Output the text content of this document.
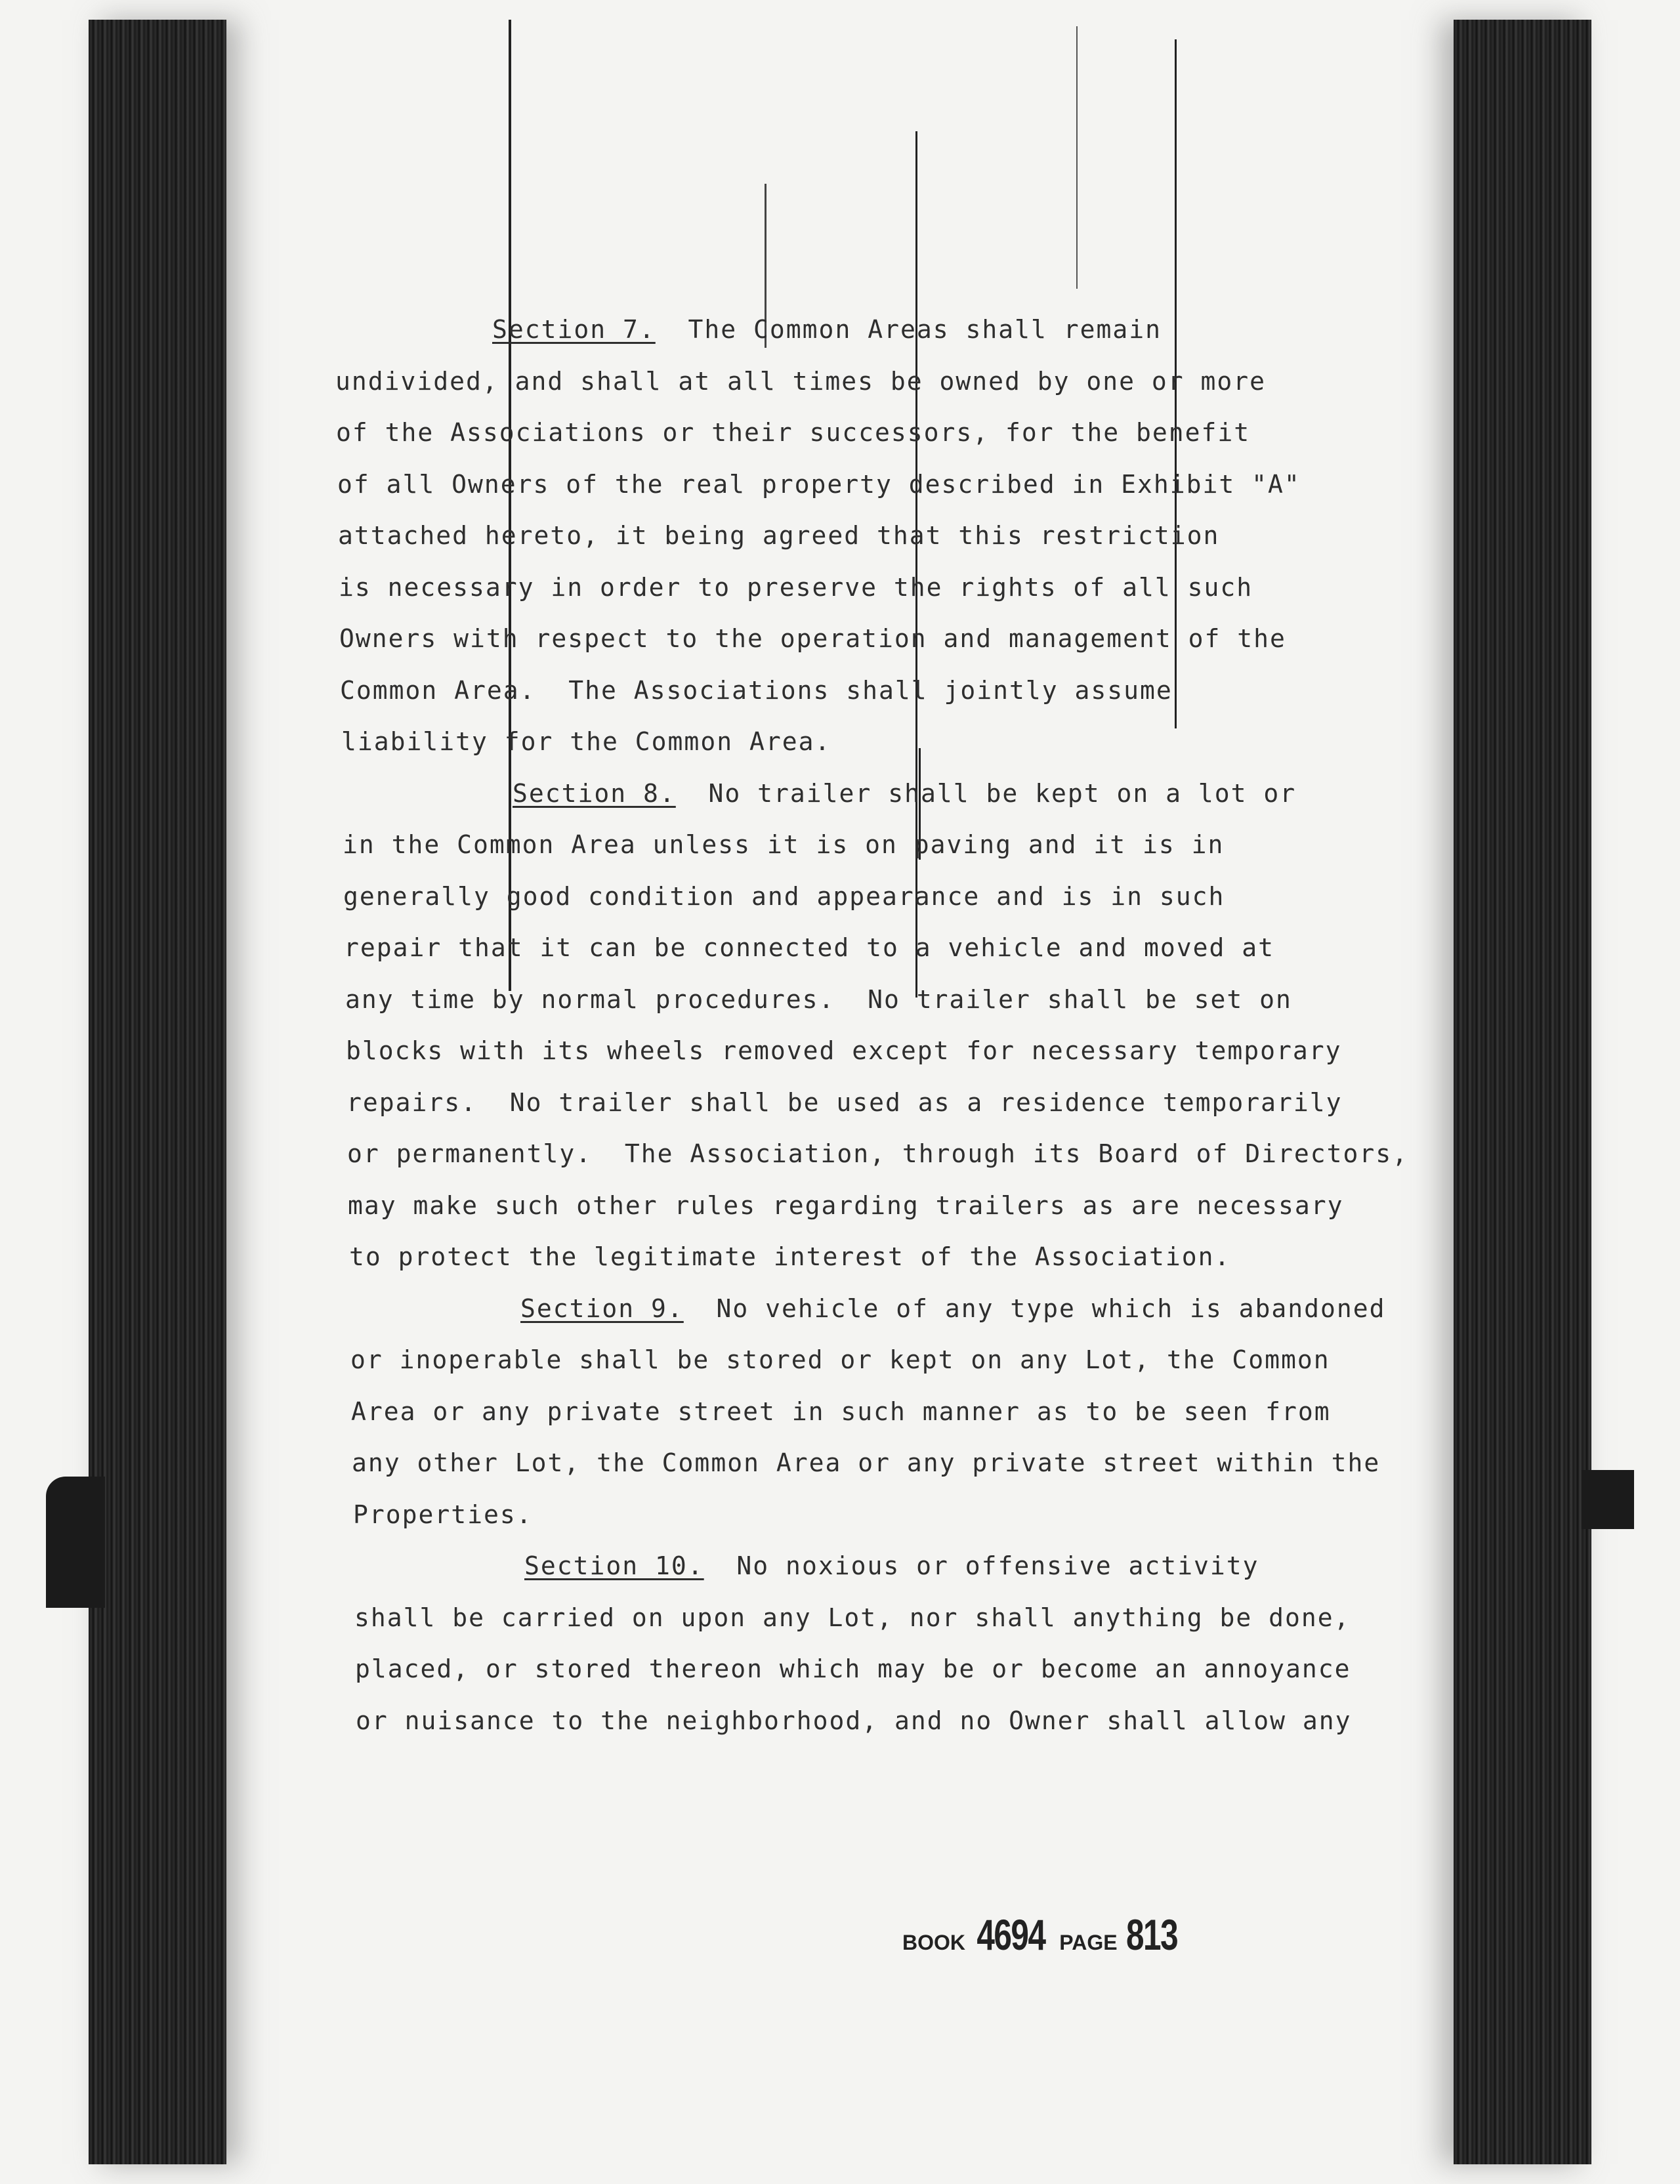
Section 7.  The Common Areas shall remain
undivided, and shall at all times be owned by one or more
of the Associations or their successors, for the benefit
of all Owners of the real property described in Exhibit "A"
attached hereto, it being agreed that this restriction
is necessary in order to preserve the rights of all such
Owners with respect to the operation and management of the
Common Area.  The Associations shall jointly assume
liability for the Common Area.
Section 8.  No trailer shall be kept on a lot or
in the Common Area unless it is on paving and it is in
generally good condition and appearance and is in such
repair that it can be connected to a vehicle and moved at
any time by normal procedures.  No trailer shall be set on
blocks with its wheels removed except for necessary temporary
repairs.  No trailer shall be used as a residence temporarily
or permanently.  The Association, through its Board of Directors,
may make such other rules regarding trailers as are necessary
to protect the legitimate interest of the Association.
Section 9.  No vehicle of any type which is abandoned
or inoperable shall be stored or kept on any Lot, the Common
Area or any private street in such manner as to be seen from
any other Lot, the Common Area or any private street within the
Properties.
Section 10.  No noxious or offensive activity
shall be carried on upon any Lot, nor shall anything be done,
placed, or stored thereon which may be or become an annoyance
or nuisance to the neighborhood, and no Owner shall allow any
BOOK 4694 PAGE 813
